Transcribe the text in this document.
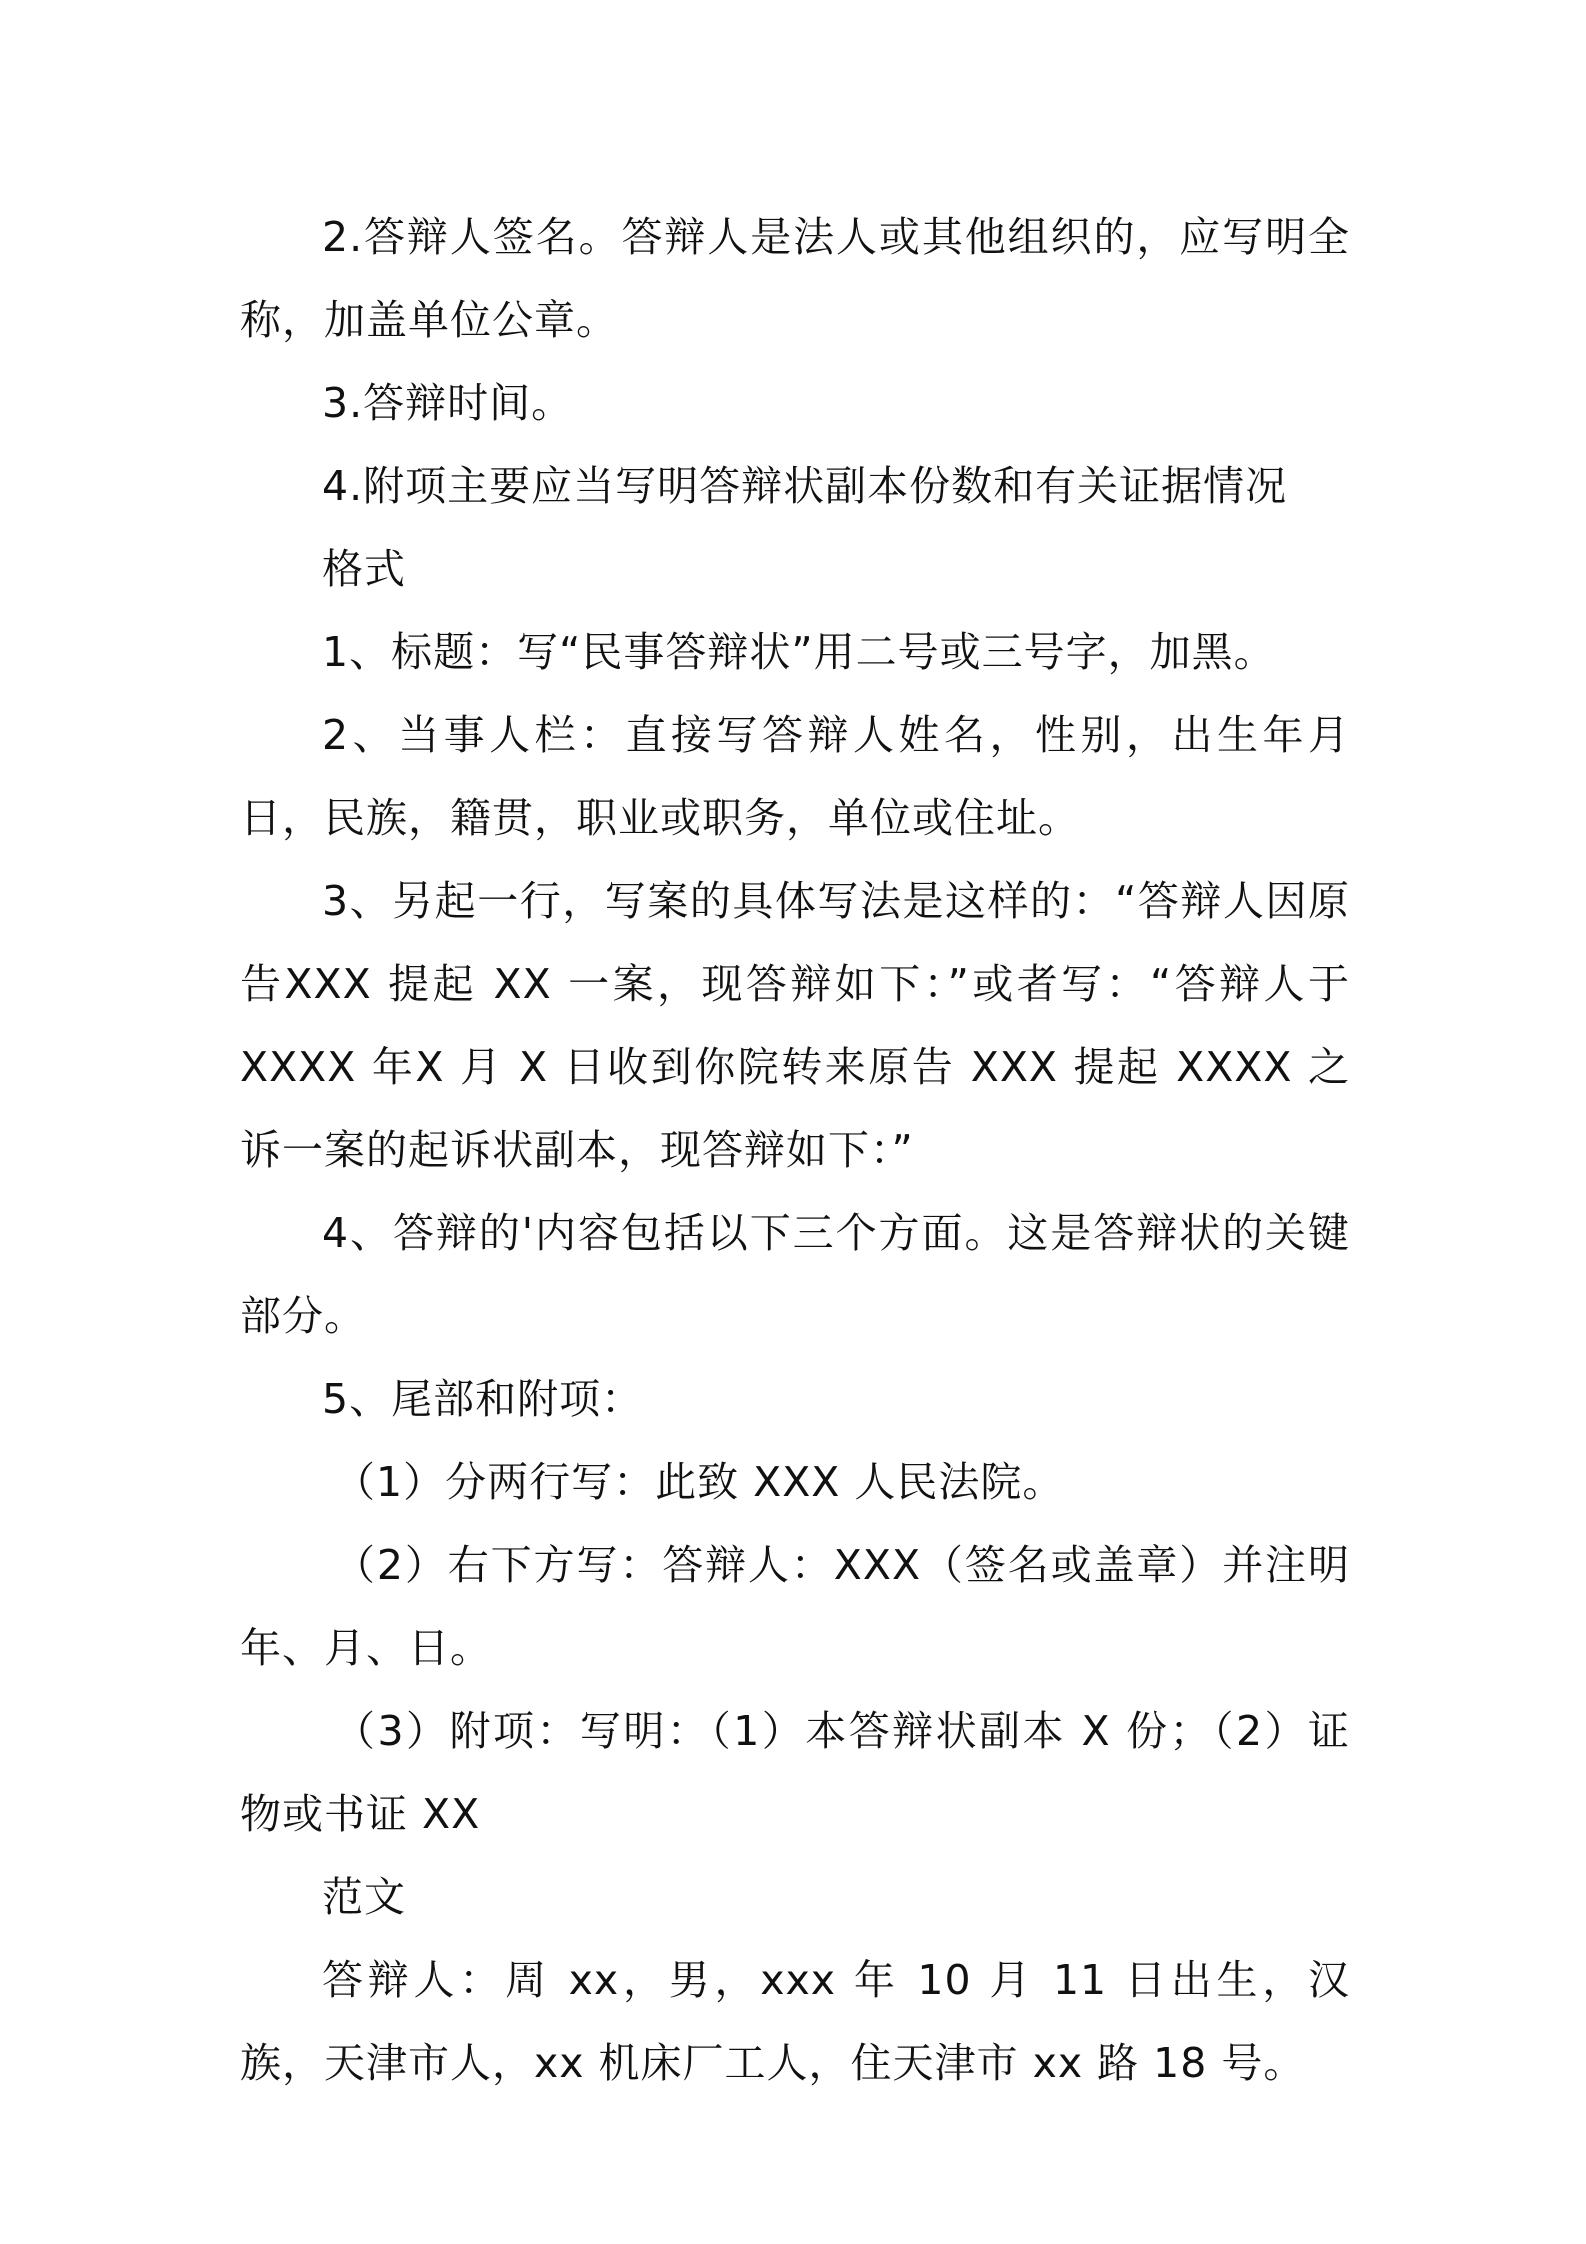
2.答辩人签名。答辩人是法人或其他组织的，应写明全称，加盖单位公章。

3.答辩时间。

4.附项主要应当写明答辩状副本份数和有关证据情况

格式

1、标题：写“民事答辩状”用二号或三号字，加黑。

2、当事人栏：直接写答辩人姓名，性别，出生年月日，民族，籍贯，职业或职务，单位或住址。

3、另起一行，写案的具体写法是这样的：“答辩人因原告XXX 提起 XX 一案，现答辩如下：”或者写：“答辩人于 XXXX 年X 月 X 日收到你院转来原告 XXX 提起 XXXX 之诉一案的起诉状副本，现答辩如下：”

4、答辩的'内容包括以下三个方面。这是答辩状的关键部分。

5、尾部和附项：

（1）分两行写：此致 XXX 人民法院。

（2）右下方写：答辩人：XXX（签名或盖章）并注明年、月、日。

（3）附项：写明：（1）本答辩状副本 X 份；（2）证物或书证 XX

范文

答辩人：周 xx，男，xxx 年 10 月 11 日出生，汉族，天津市人，xx 机床厂工人，住天津市 xx 路 18 号。
